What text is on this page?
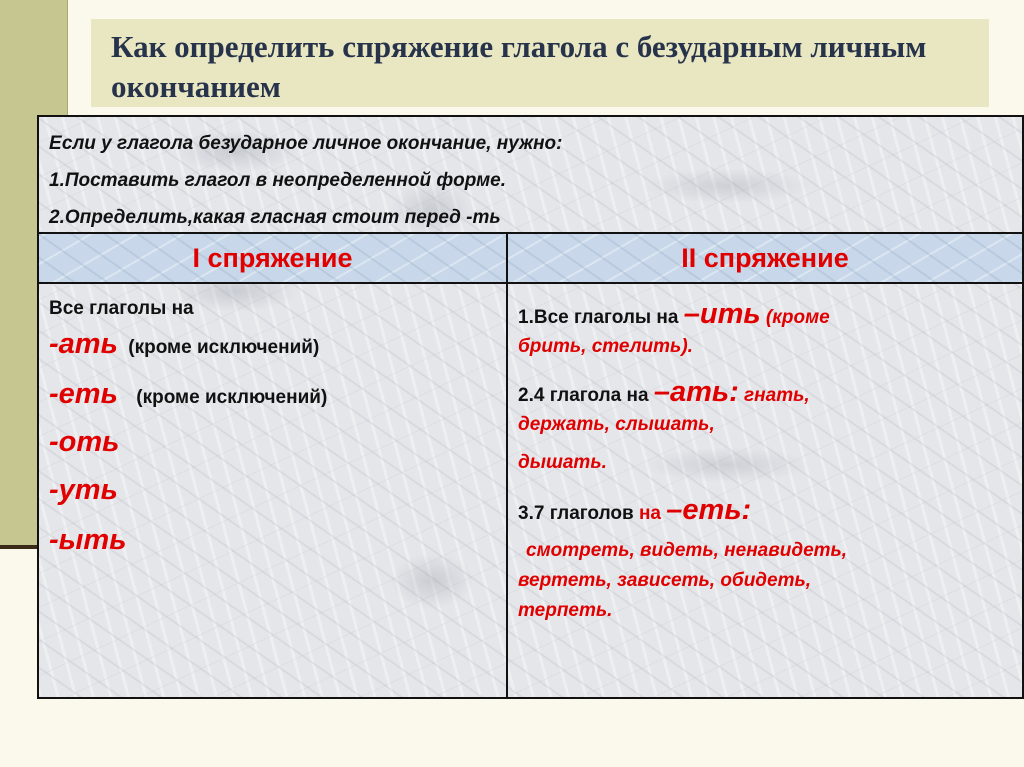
Как определить спряжение глагола с безударным личным окончанием
Если у глагола безударное личное окончание, нужно:
1.Поставить глагол в неопределенной форме.
2.Определить,какая гласная стоит перед -ть
I спряжение	II спряжение
Все глаголы на
-ать (кроме исключений)
-еть (кроме исключений)
-оть
-уть
-ыть
1.Все глаголы на –ить (кроме
брить, стелить).
2.4 глагола на –ать: гнать,
держать, слышать,
дышать.
3.7 глаголов на –еть:
смотреть, видеть, ненавидеть,
вертеть, зависеть, обидеть,
терпеть.
